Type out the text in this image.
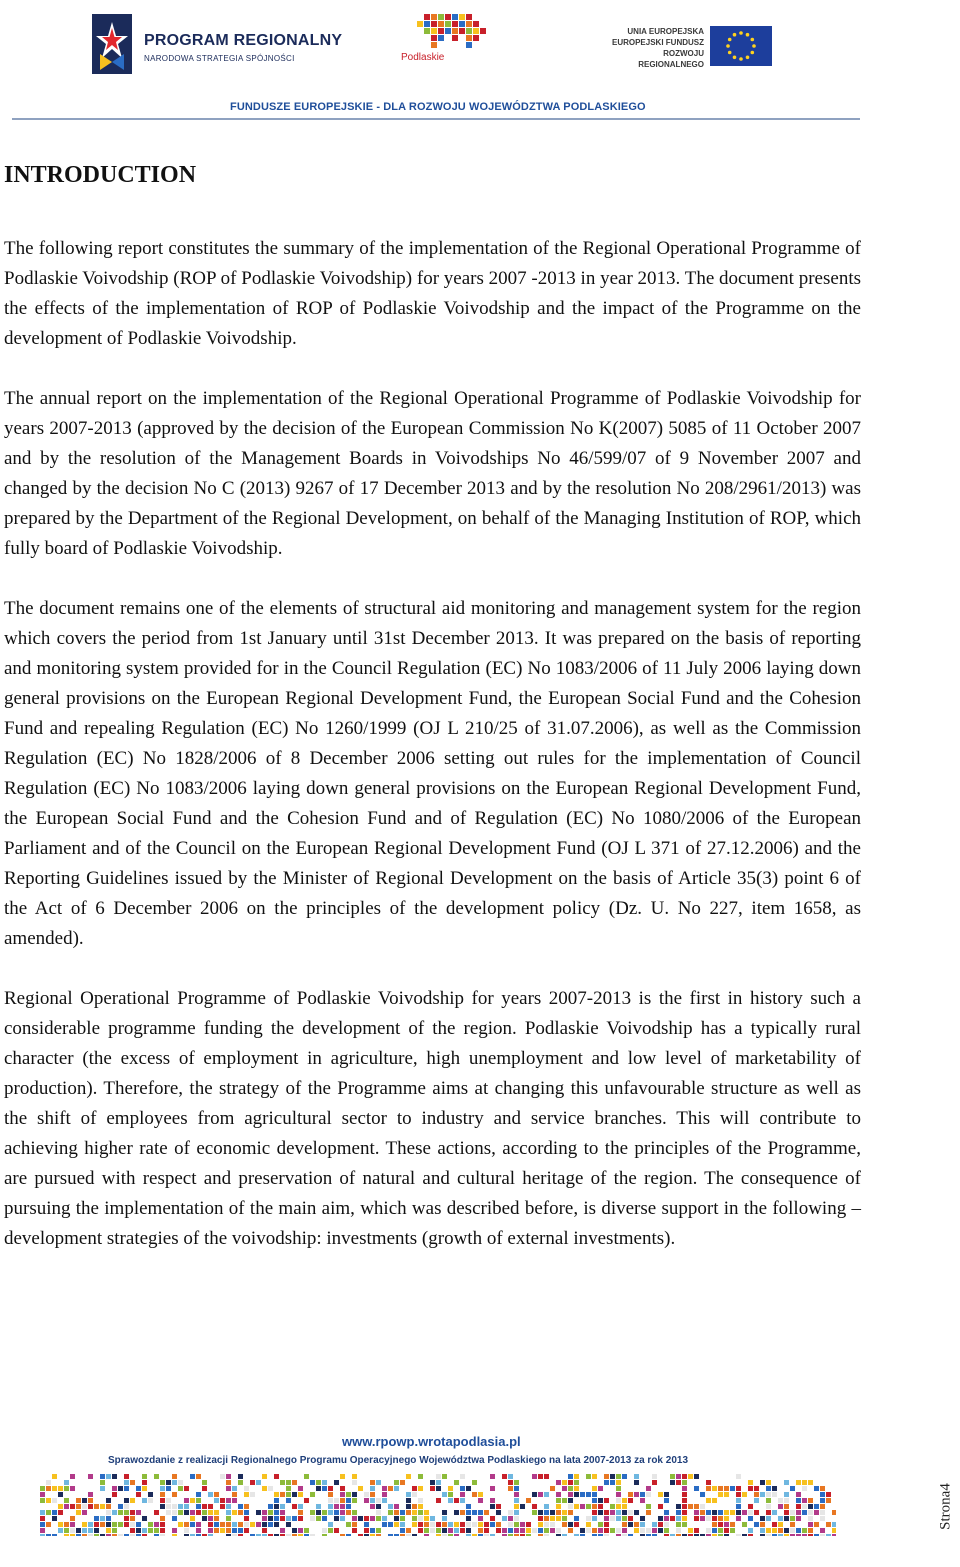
PROGRAM REGIONALNY
NARODOWA STRATEGIA SPÓJNOŚCI	Podlaskie
UNIA EUROPEJSKA
EUROPEJSKI FUNDUSZ
ROZWOJU REGIONALNEGO
FUNDUSZE EUROPEJSKIE - DLA ROZWOJU WOJEWÓDZTWA PODLASKIEGO
INTRODUCTION

The following report constitutes the summary of the implementation of the Regional Operational Programme of Podlaskie Voivodship (ROP of Podlaskie Voivodship) for years 2007 -2013 in year 2013. The document presents the effects of the implementation of ROP of Podlaskie Voivodship and the impact of the Programme on the development of Podlaskie Voivodship.

The annual report on the implementation of the Regional Operational Programme of Podlaskie Voivodship for years 2007-2013 (approved by the decision of the European Commission No K(2007) 5085 of 11 October 2007 and by the resolution of the Management Boards in Voivodships No 46/599/07 of 9 November 2007 and changed by the decision No C (2013) 9267 of 17 December 2013 and by the resolution No 208/2961/2013) was prepared by the Department of the Regional Development, on behalf of the Managing Institution of ROP, which fully board of Podlaskie Voivodship.

The document remains one of the elements of structural aid monitoring and management system for the region which covers the period from 1st January until 31st December 2013. It was prepared on the basis of reporting and monitoring system provided for in the Council Regulation (EC) No 1083/2006 of 11 July 2006 laying down general provisions on the European Regional Development Fund, the European Social Fund and the Cohesion Fund and repealing Regulation (EC) No 1260/1999 (OJ L 210/25 of 31.07.2006), as well as the Commission Regulation (EC) No 1828/2006 of 8 December 2006 setting out rules for the implementation of Council Regulation (EC) No 1083/2006 laying down general provisions on the European Regional Development Fund, the European Social Fund and the Cohesion Fund and of Regulation (EC) No 1080/2006 of the European Parliament and of the Council on the European Regional Development Fund (OJ L 371 of 27.12.2006) and the Reporting Guidelines issued by the Minister of Regional Development on the basis of Article 35(3) point 6 of the Act of 6 December 2006 on the principles of the development policy (Dz. U. No 227, item 1658, as amended).

Regional Operational Programme of Podlaskie Voivodship for years 2007-2013 is the first in history such a considerable programme funding the development of the region. Podlaskie Voivodship has a typically rural character (the excess of employment in agriculture, high unemployment and low level of marketability of production). Therefore, the strategy of the Programme aims at changing this unfavourable structure as well as the shift of employees from agricultural sector to industry and service branches. This will contribute to achieving higher rate of economic development. These actions, according to the principles of the Programme, are pursued with respect and preservation of natural and cultural heritage of the region. The consequence of pursuing the implementation of the main aim, which was described before, is diverse support in the following – development strategies of the voivodship: investments (growth of external investments).

www.rpowp.wrotapodlasia.pl
Sprawozdanie z realizacji Regionalnego Programu Operacyjnego Województwa Podlaskiego na lata 2007-2013 za rok 2013
Strona4
